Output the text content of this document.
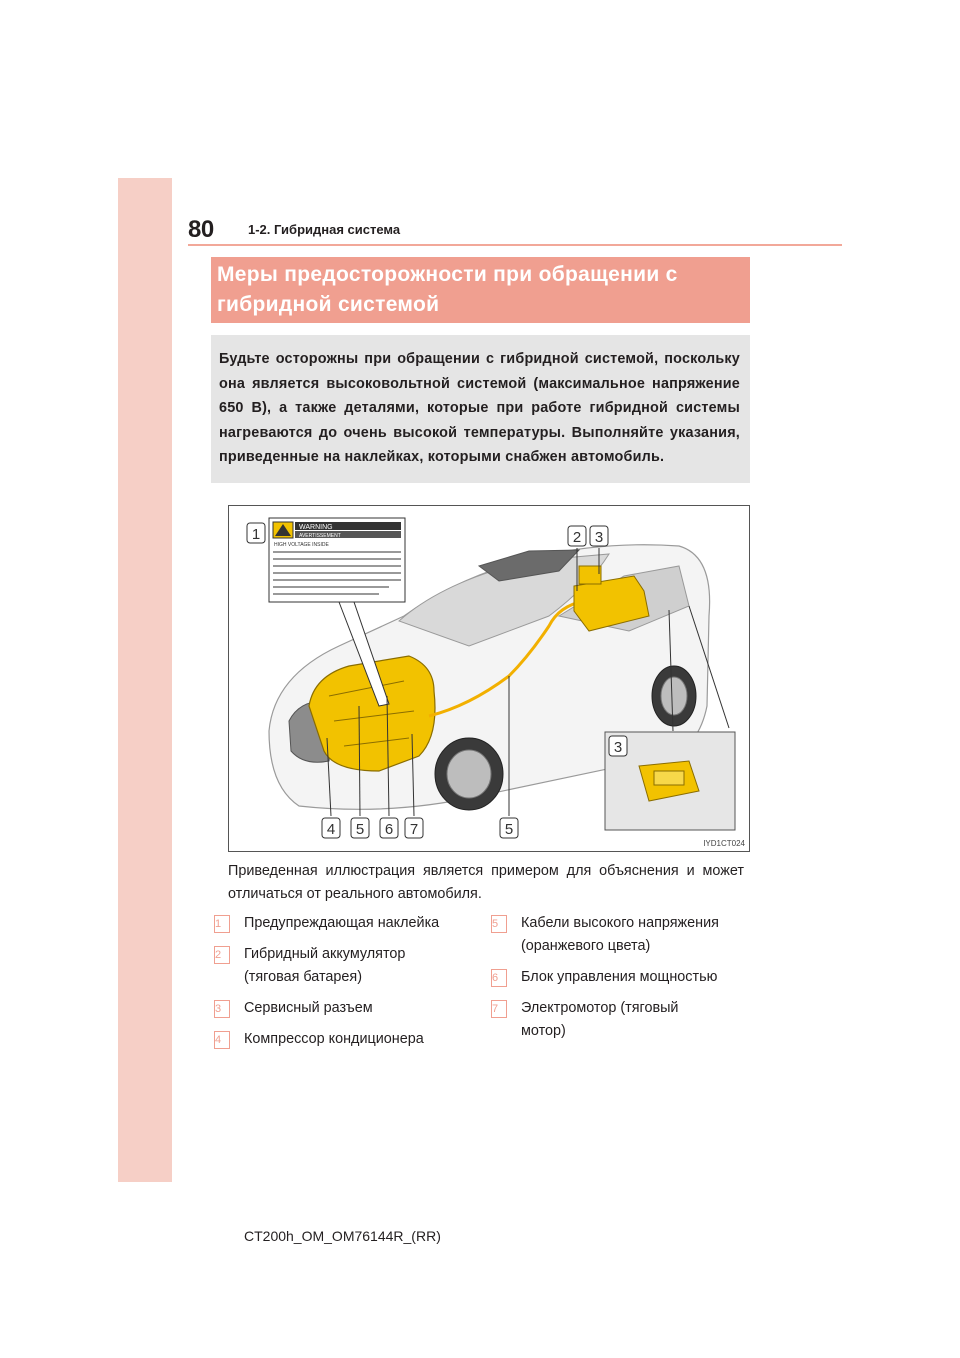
80	1-2. Гибридная система
Меры предосторожности при обращении с гибридной системой
Будьте осторожны при обращении с гибридной системой, поскольку она является высоковольтной системой (максимальное напряжение 650 В), а также деталями, которые при работе гибридной системы нагреваются до очень высокой температуры. Выполняйте указания, приведенные на наклейках, которыми снабжен автомобиль.
WARNING
AVERTISSEMENT
HIGH VOLTAGE INSIDE
1	2 3
3
4 5 6 7	5
IYD1CT024
Приведенная иллюстрация является примером для объяснения и может отличаться от реального автомобиля.
1	Предупреждающая наклейка
2	Гибридный аккумулятор
(тяговая батарея)
3	Сервисный разъем
4	Компрессор кондиционера
5	Кабели высокого напряжения
(оранжевого цвета)
6	Блок управления мощностью
7	Электромотор (тяговый
мотор)
CT200h_OM_OM76144R_(RR)
